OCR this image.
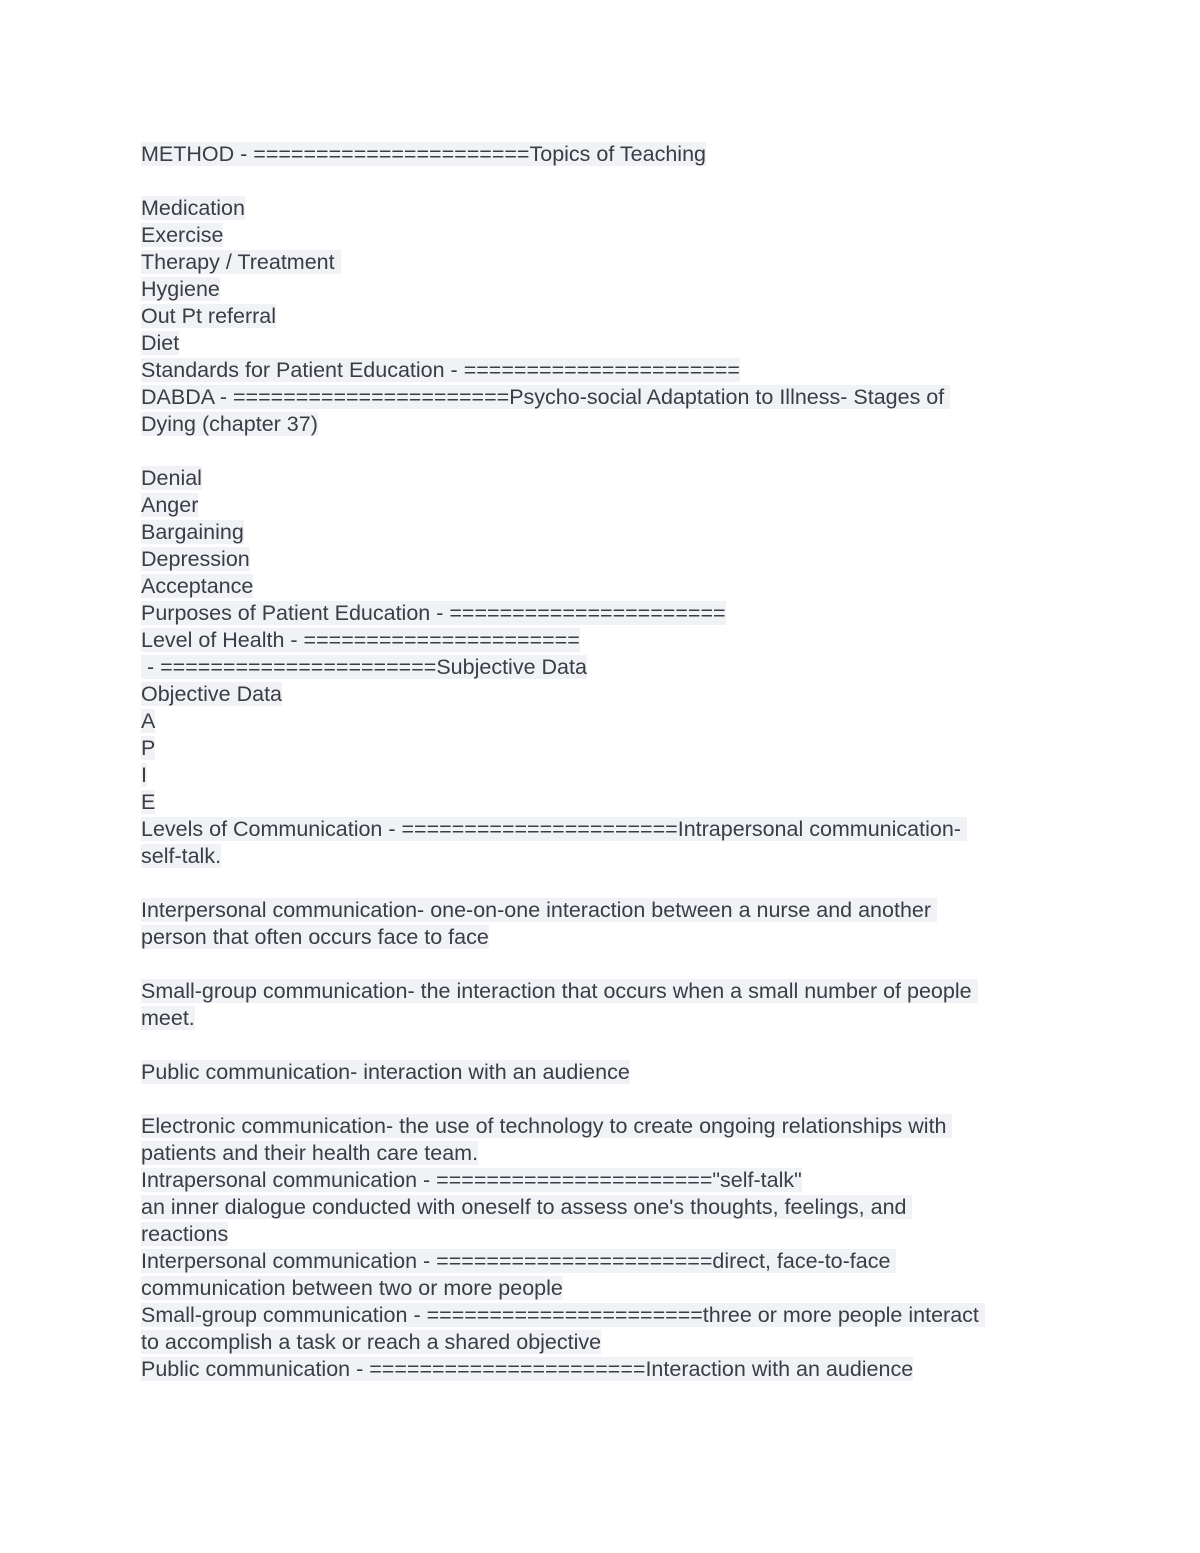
METHOD - ======================Topics of Teaching
Medication
Exercise
Therapy / Treatment
Hygiene
Out Pt referral
Diet
Standards for Patient Education - ======================
DABDA - ======================Psycho-social Adaptation to Illness- Stages of
Dying (chapter 37)
Denial
Anger
Bargaining
Depression
Acceptance
Purposes of Patient Education - ======================
Level of Health - ======================
- ======================Subjective Data
Objective Data
A
P
I
E
Levels of Communication - ======================Intrapersonal communication-
self-talk.
Interpersonal communication- one-on-one interaction between a nurse and another
person that often occurs face to face
Small-group communication- the interaction that occurs when a small number of people
meet.
Public communication- interaction with an audience
Electronic communication- the use of technology to create ongoing relationships with
patients and their health care team.
Intrapersonal communication - ======================"self-talk"
an inner dialogue conducted with oneself to assess one's thoughts, feelings, and
reactions
Interpersonal communication - ======================direct, face-to-face
communication between two or more people
Small-group communication - ======================three or more people interact
to accomplish a task or reach a shared objective
Public communication - ======================Interaction with an audience
